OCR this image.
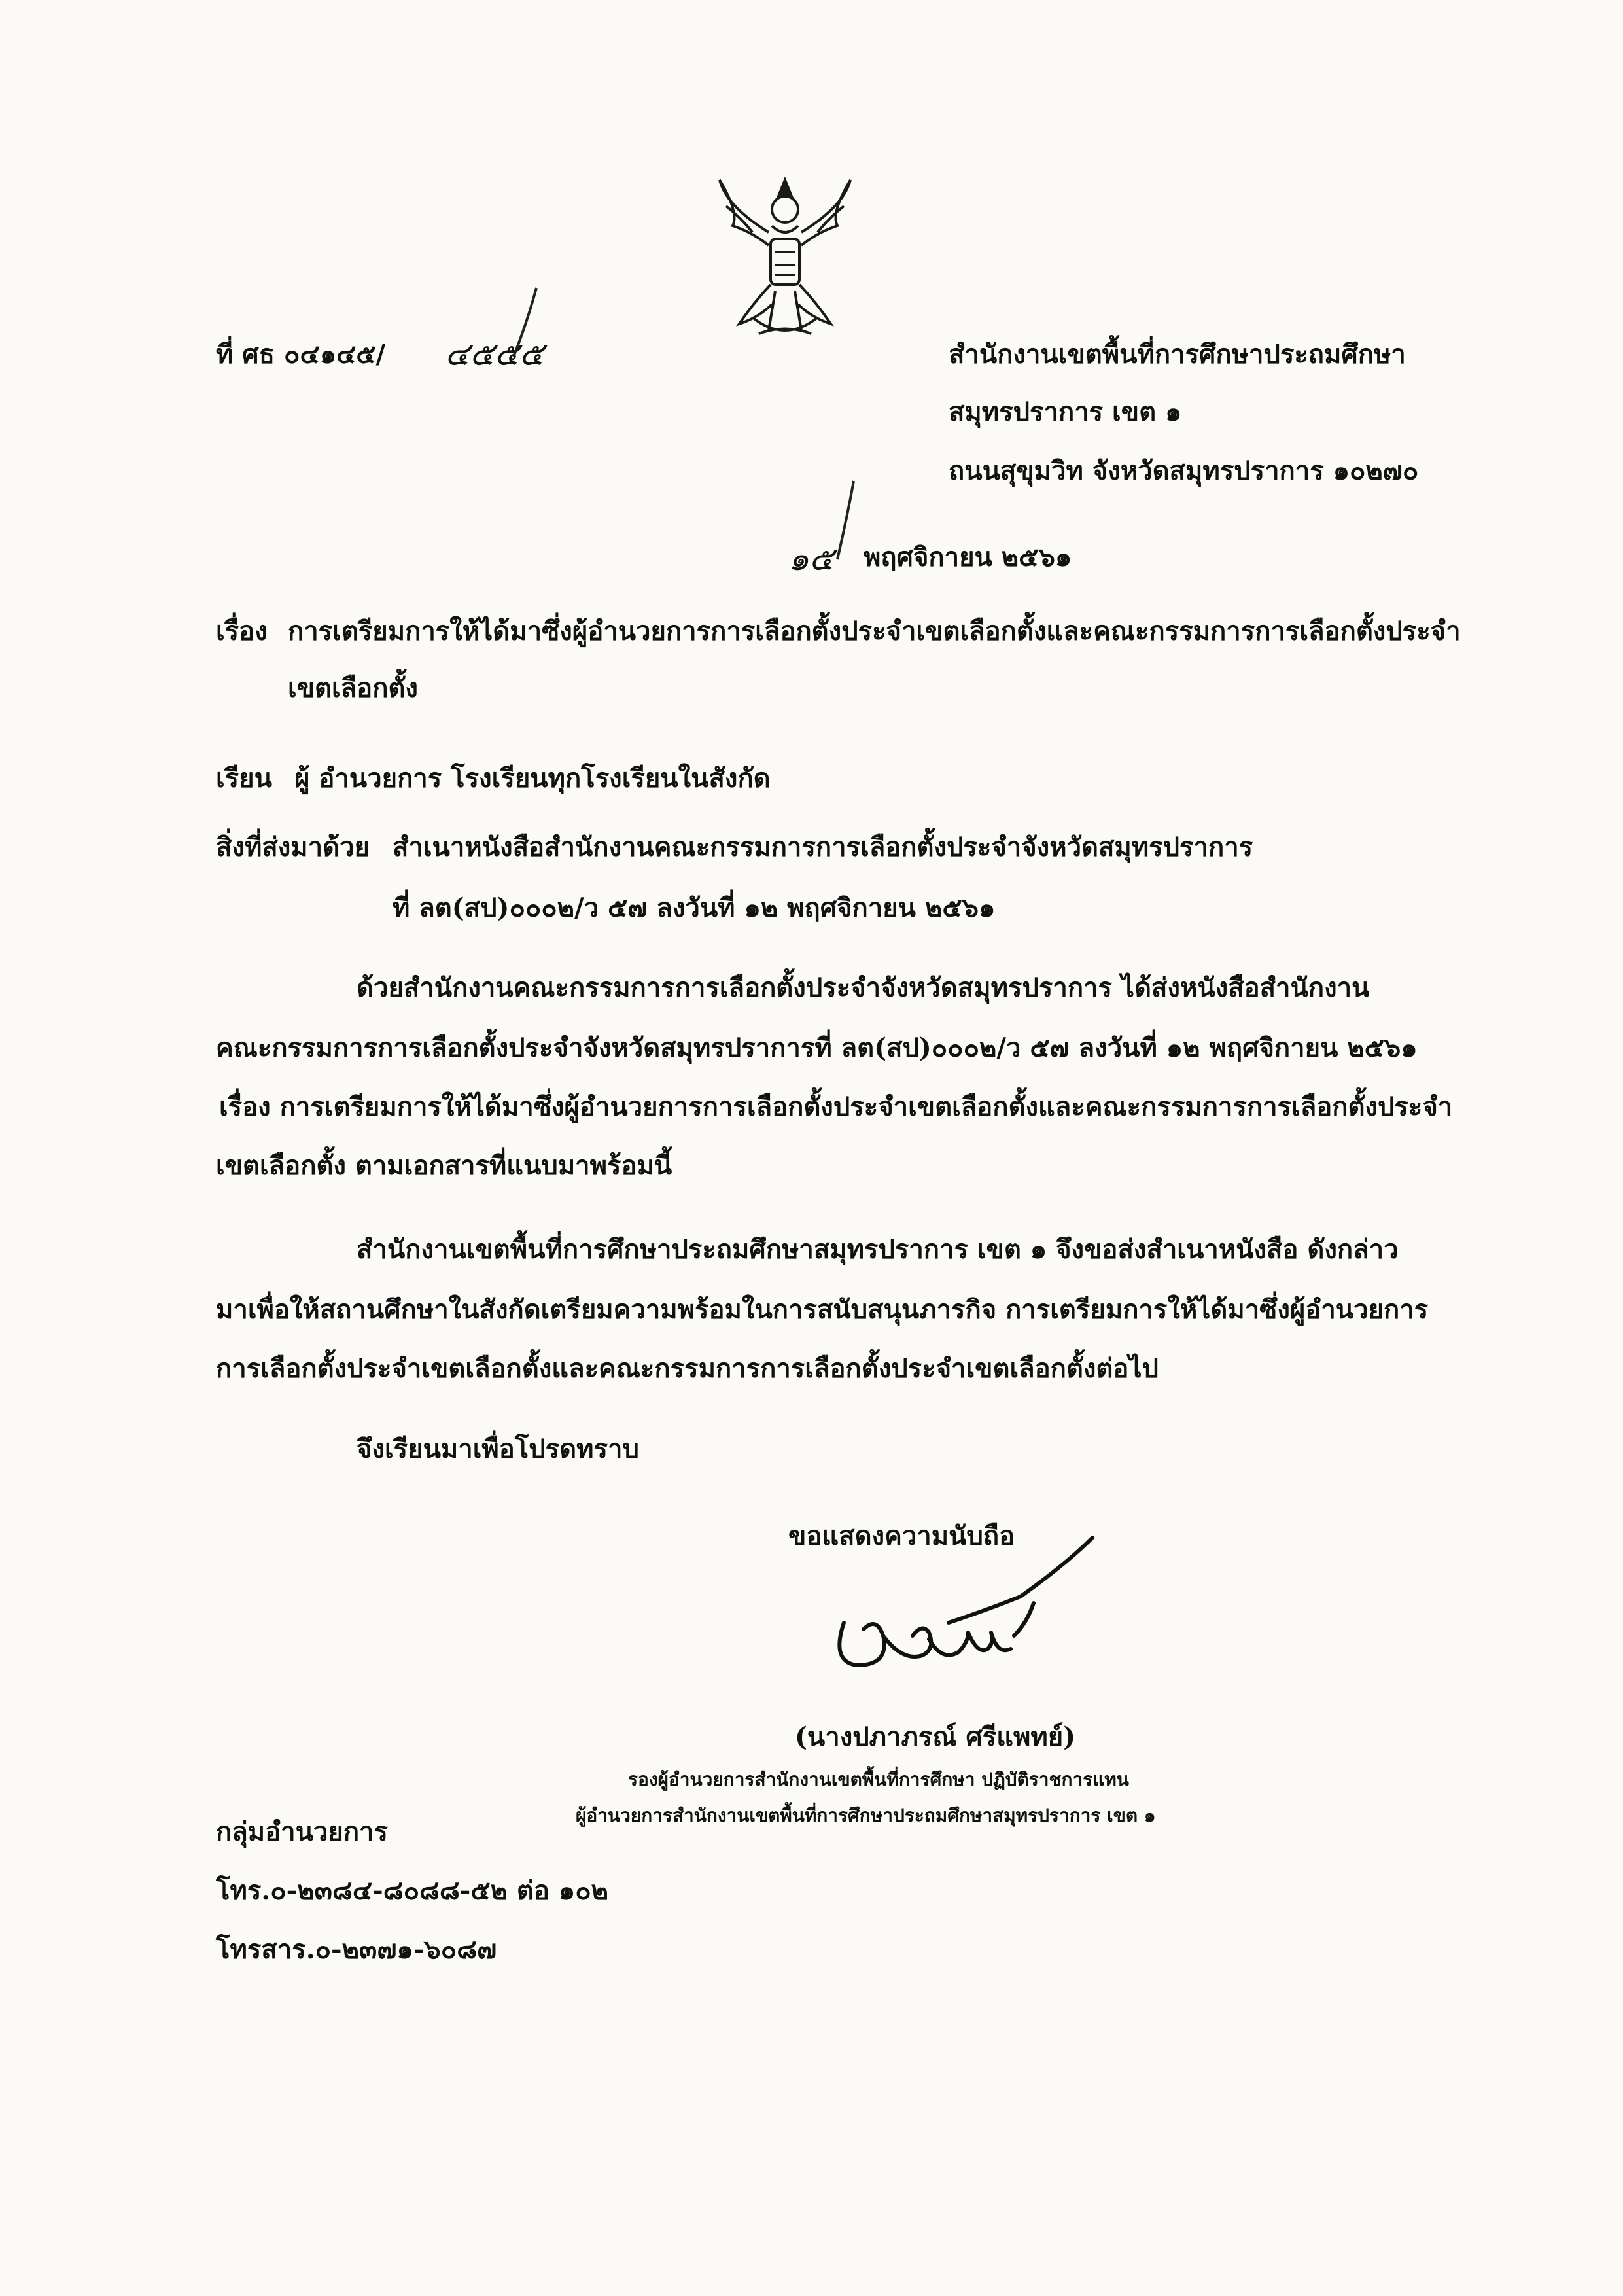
ที่ ศธ ๐๔๑๔๕/ ๔๕๕๕	สำนักงานเขตพื้นที่การศึกษาประถมศึกษา
สมุทรปราการ เขต ๑
ถนนสุขุมวิท จังหวัดสมุทรปราการ ๑๐๒๗๐
๑๕ พฤศจิกายน ๒๕๖๑
เรื่อง การเตรียมการให้ได้มาซึ่งผู้อำนวยการการเลือกตั้งประจำเขตเลือกตั้งและคณะกรรมการการเลือกตั้งประจำ
เขตเลือกตั้ง
เรียน ผู้ อำนวยการ โรงเรียนทุกโรงเรียนในสังกัด
สิ่งที่ส่งมาด้วย สำเนาหนังสือสำนักงานคณะกรรมการการเลือกตั้งประจำจังหวัดสมุทรปราการ
ที่ ลต(สป)๐๐๐๒/ว ๕๗ ลงวันที่ ๑๒ พฤศจิกายน ๒๕๖๑
ด้วยสำนักงานคณะกรรมการการเลือกตั้งประจำจังหวัดสมุทรปราการ ได้ส่งหนังสือสำนักงาน
คณะกรรมการการเลือกตั้งประจำจังหวัดสมุทรปราการที่ ลต(สป)๐๐๐๒/ว ๕๗ ลงวันที่ ๑๒ พฤศจิกายน ๒๕๖๑
เรื่อง การเตรียมการให้ได้มาซึ่งผู้อำนวยการการเลือกตั้งประจำเขตเลือกตั้งและคณะกรรมการการเลือกตั้งประจำ
เขตเลือกตั้ง ตามเอกสารที่แนบมาพร้อมนี้
สำนักงานเขตพื้นที่การศึกษาประถมศึกษาสมุทรปราการ เขต ๑ จึงขอส่งสำเนาหนังสือ ดังกล่าว
มาเพื่อให้สถานศึกษาในสังกัดเตรียมความพร้อมในการสนับสนุนภารกิจ การเตรียมการให้ได้มาซึ่งผู้อำนวยการ
การเลือกตั้งประจำเขตเลือกตั้งและคณะกรรมการการเลือกตั้งประจำเขตเลือกตั้งต่อไป
จึงเรียนมาเพื่อโปรดทราบ
ขอแสดงความนับถือ
(นางปภาภรณ์ ศรีแพทย์)
รองผู้อำนวยการสำนักงานเขตพื้นที่การศึกษา ปฏิบัติราชการแทน
ผู้อำนวยการสำนักงานเขตพื้นที่การศึกษาประถมศึกษาสมุทรปราการ เขต ๑
กลุ่มอำนวยการ
โทร.๐-๒๓๘๔-๘๐๘๘-๕๒ ต่อ ๑๐๒
โทรสาร.๐-๒๓๗๑-๖๐๘๗
